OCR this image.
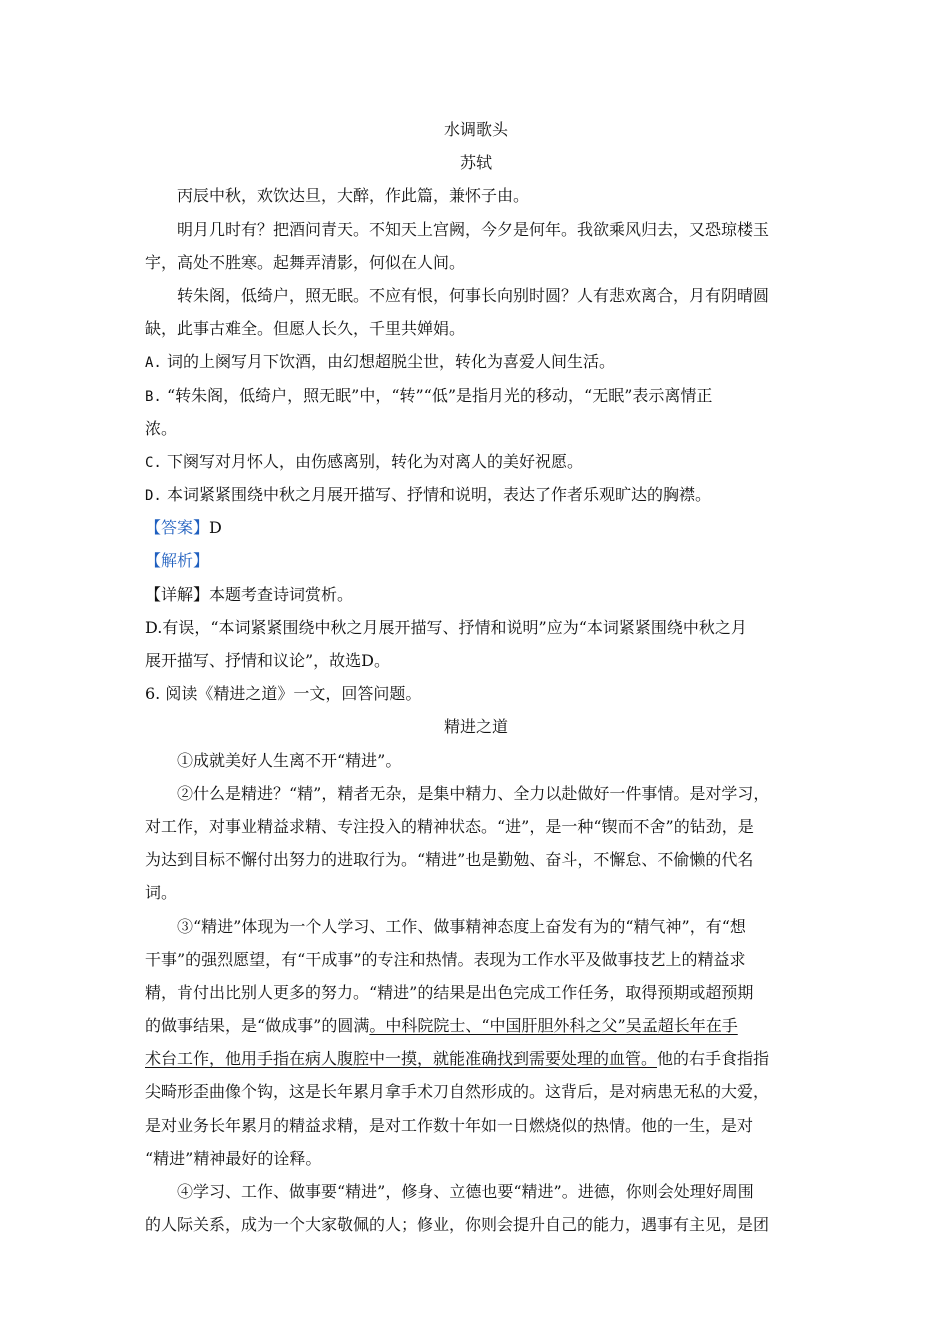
水调歌头
苏轼
丙辰中秋，欢饮达旦，大醉，作此篇，兼怀子由。
明月几时有？把酒问青天。不知天上宫阙，今夕是何年。我欲乘风归去，又恐琼楼玉
宇，高处不胜寒。起舞弄清影，何似在人间。
转朱阁，低绮户，照无眠。不应有恨，何事长向别时圆？人有悲欢离合，月有阴晴圆
缺，此事古难全。但愿人长久，千里共婵娟。
A. 词的上阕写月下饮酒，由幻想超脱尘世，转化为喜爱人间生活。
B. “转朱阁，低绮户，照无眠”中，“转”“低”是指月光的移动，“无眠”表示离情正
浓。
C. 下阕写对月怀人，由伤感离别，转化为对离人的美好祝愿。
D. 本词紧紧围绕中秋之月展开描写、抒情和说明，表达了作者乐观旷达的胸襟。
【答案】D
【解析】
【详解】本题考查诗词赏析。
D.有误，“本词紧紧围绕中秋之月展开描写、抒情和说明”应为“本词紧紧围绕中秋之月
展开描写、抒情和议论”，故选D。
6. 阅读《精进之道》一文，回答问题。
精进之道
①成就美好人生离不开“精进”。
②什么是精进？“精”，精者无杂，是集中精力、全力以赴做好一件事情。是对学习，
对工作，对事业精益求精、专注投入的精神状态。“进”，是一种“锲而不舍”的钻劲，是
为达到目标不懈付出努力的进取行为。“精进”也是勤勉、奋斗，不懈怠、不偷懒的代名
词。
③“精进”体现为一个人学习、工作、做事精神态度上奋发有为的“精气神”，有“想
干事”的强烈愿望，有“干成事”的专注和热情。表现为工作水平及做事技艺上的精益求
精，肯付出比别人更多的努力。“精进”的结果是出色完成工作任务，取得预期或超预期
的做事结果，是“做成事”的圆满。中科院院士、“中国肝胆外科之父”吴孟超长年在手
术台工作，他用手指在病人腹腔中一摸，就能准确找到需要处理的血管。他的右手食指指
尖畸形歪曲像个钩，这是长年累月拿手术刀自然形成的。这背后，是对病患无私的大爱，
是对业务长年累月的精益求精，是对工作数十年如一日燃烧似的热情。他的一生，是对
“精进”精神最好的诠释。
④学习、工作、做事要“精进”，修身、立德也要“精进”。进德，你则会处理好周围
的人际关系，成为一个大家敬佩的人；修业，你则会提升自己的能力，遇事有主见，是团
